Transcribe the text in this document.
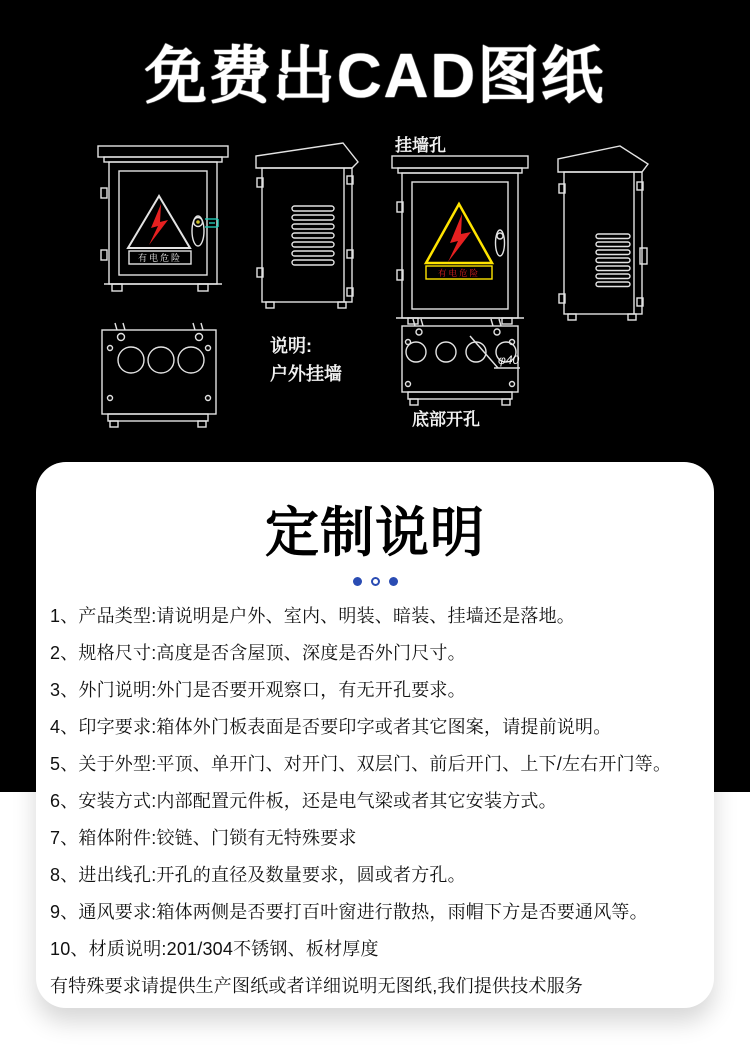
免费出CAD图纸
有电危险
挂墙孔
有电危险
说明:
户外挂墙
φ40
底部开孔
定制说明
1、产品类型:请说明是户外、室内、明装、暗装、挂墙还是落地。
2、规格尺寸:高度是否含屋顶、深度是否外门尺寸。
3、外门说明:外门是否要开观察口，有无开孔要求。
4、印字要求:箱体外门板表面是否要印字或者其它图案，请提前说明。
5、关于外型:平顶、单开门、对开门、双层门、前后开门、上下/左右开门等。
6、安装方式:内部配置元件板，还是电气梁或者其它安装方式。
7、箱体附件:铰链、门锁有无特殊要求
8、进出线孔:开孔的直径及数量要求，圆或者方孔。
9、通风要求:箱体两侧是否要打百叶窗进行散热，雨帽下方是否要通风等。
10、材质说明:201/304不锈钢、板材厚度
有特殊要求请提供生产图纸或者详细说明无图纸,我们提供技术服务
